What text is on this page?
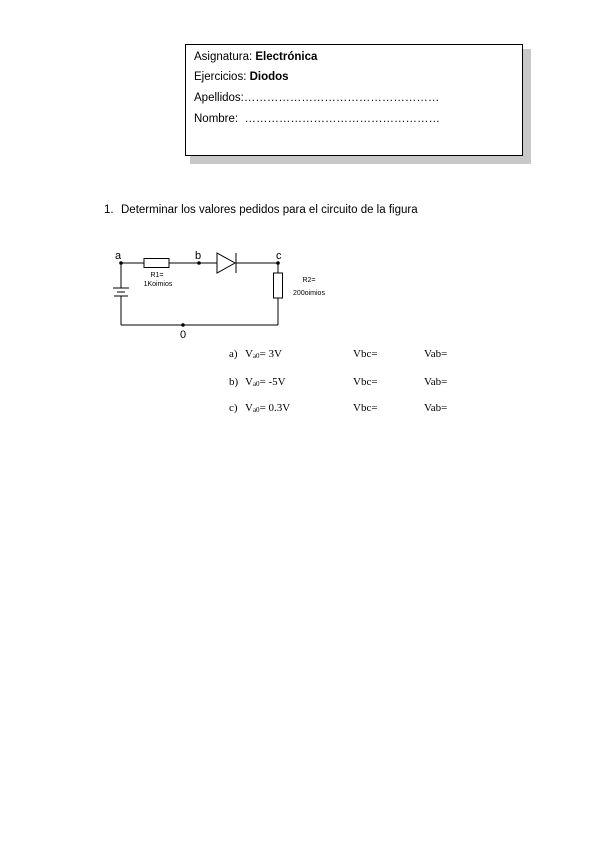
Asignatura: Electrónica
Ejercicios: Diodos
Apellidos:……………………………………………
Nombre: ……………………………………………
1. Determinar los valores pedidos para el circuito de la figura
a	b	c
0
R1=
1Koimios
R2=
200oimios
a) $V_{a0}= 3V$	Vbc=	Vab=
b) $V_{a0}= -5V$	Vbc=	Vab=
c) $V_{a0}= 0.3V$	Vbc=	Vab=
